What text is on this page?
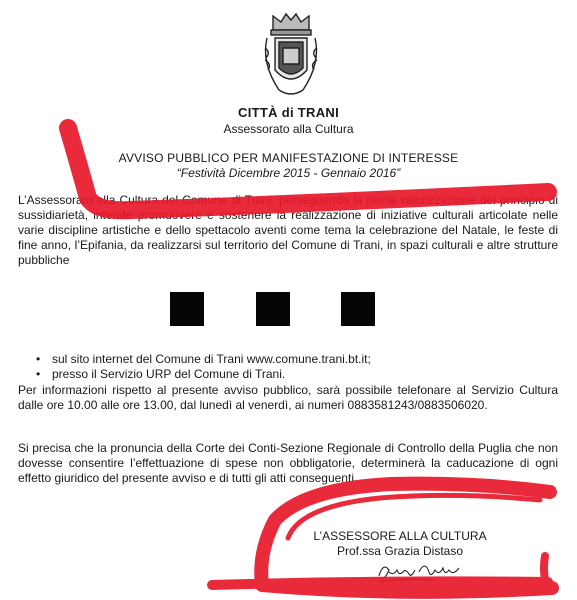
CITTÀ di TRANI
Assessorato alla Cultura
AVVISO PUBBLICO PER MANIFESTAZIONE DI INTERESSE
“Festività Dicembre 2015 - Gennaio 2016”

L’Assessorato alla Cultura del Comune di Trani, perseguendo la piena valorizzazione del principio di sussidiarietà, intende promuovere e sostenere la realizzazione di iniziative culturali articolate nelle varie discipline artistiche e dello spettacolo aventi come tema la celebrazione del Natale, le feste di fine anno, l’Epifania, da realizzarsi sul territorio del Comune di Trani, in spazi culturali e altre strutture pubbliche

• sul sito internet del Comune di Trani www.comune.trani.bt.it;
• presso il Servizio URP del Comune di Trani.

Per informazioni rispetto al presente avviso pubblico, sarà possibile telefonare al Servizio Cultura dalle ore 10.00 alle ore 13.00, dal lunedì al venerdì, ai numeri 0883581243/0883506020.

Si precisa che la pronuncia della Corte dei Conti-Sezione Regionale di Controllo della Puglia che non dovesse consentire l’effettuazione di spese non obbligatorie, determinerà la caducazione di ogni effetto giuridico del presente avviso e di tutti gli atti conseguenti.

L’ASSESSORE ALLA CULTURA
Prof.ssa Grazia Distaso
